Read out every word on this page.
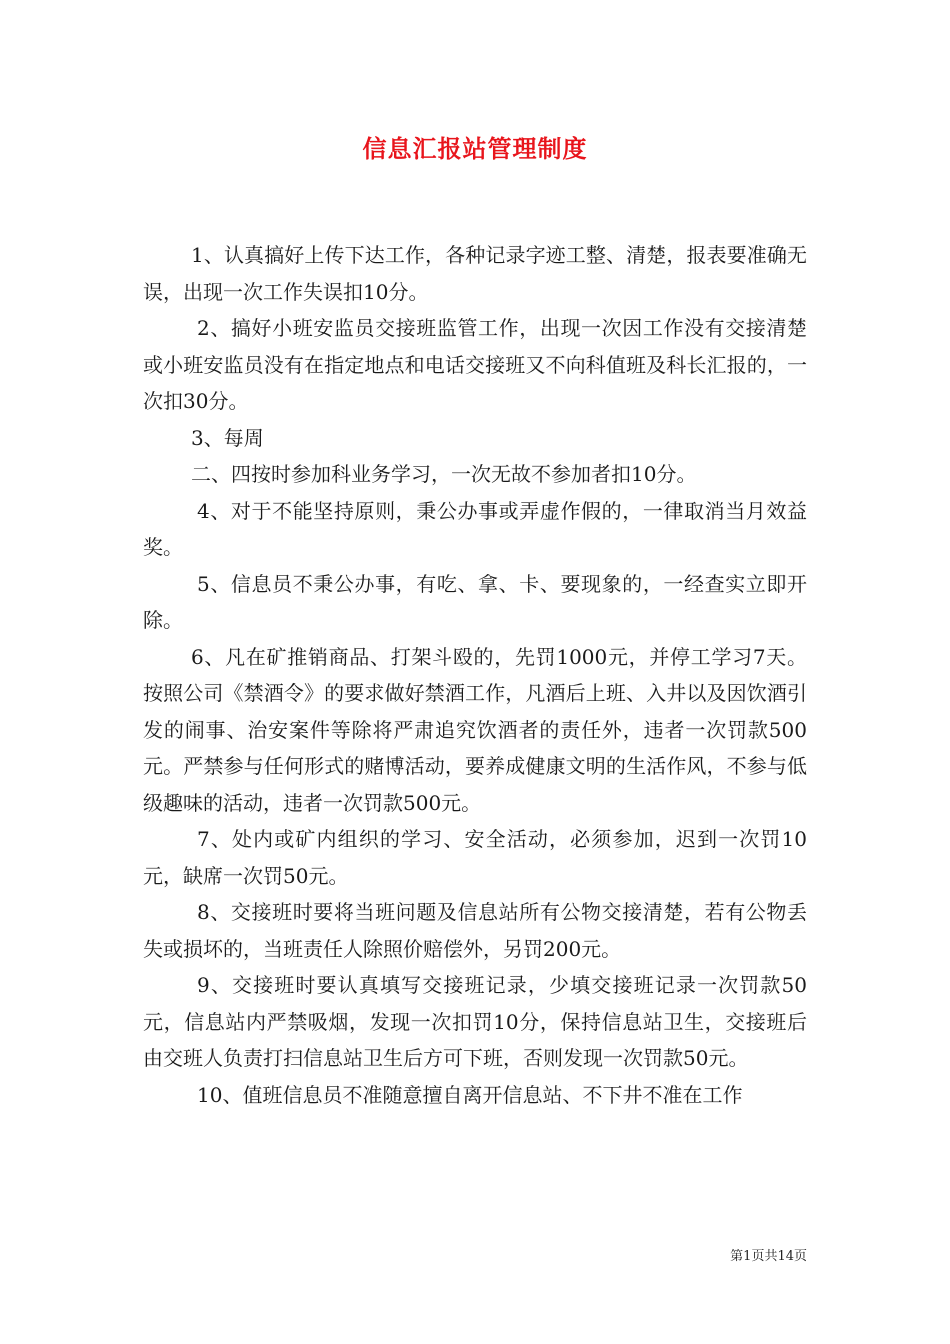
信息汇报站管理制度

1、认真搞好上传下达工作，各种记录字迹工整、清楚，报表要准确无误，出现一次工作失误扣10分。

2、搞好小班安监员交接班监管工作，出现一次因工作没有交接清楚或小班安监员没有在指定地点和电话交接班又不向科值班及科长汇报的，一次扣30分。

3、每周

二、四按时参加科业务学习，一次无故不参加者扣10分。

4、对于不能坚持原则，秉公办事或弄虚作假的，一律取消当月效益奖。

5、信息员不秉公办事，有吃、拿、卡、要现象的，一经查实立即开除。

6、凡在矿推销商品、打架斗殴的，先罚1000元，并停工学习7天。按照公司《禁酒令》的要求做好禁酒工作，凡酒后上班、入井以及因饮酒引发的闹事、治安案件等除将严肃追究饮酒者的责任外，违者一次罚款500元。严禁参与任何形式的赌博活动，要养成健康文明的生活作风，不参与低级趣味的活动，违者一次罚款500元。

7、处内或矿内组织的学习、安全活动，必须参加，迟到一次罚10元，缺席一次罚50元。

8、交接班时要将当班问题及信息站所有公物交接清楚，若有公物丢失或损坏的，当班责任人除照价赔偿外，另罚200元。

9、交接班时要认真填写交接班记录，少填交接班记录一次罚款50元，信息站内严禁吸烟，发现一次扣罚10分，保持信息站卫生，交接班后由交班人负责打扫信息站卫生后方可下班，否则发现一次罚款50元。

10、值班信息员不准随意擅自离开信息站、不下井不准在工作

第1页共14页
